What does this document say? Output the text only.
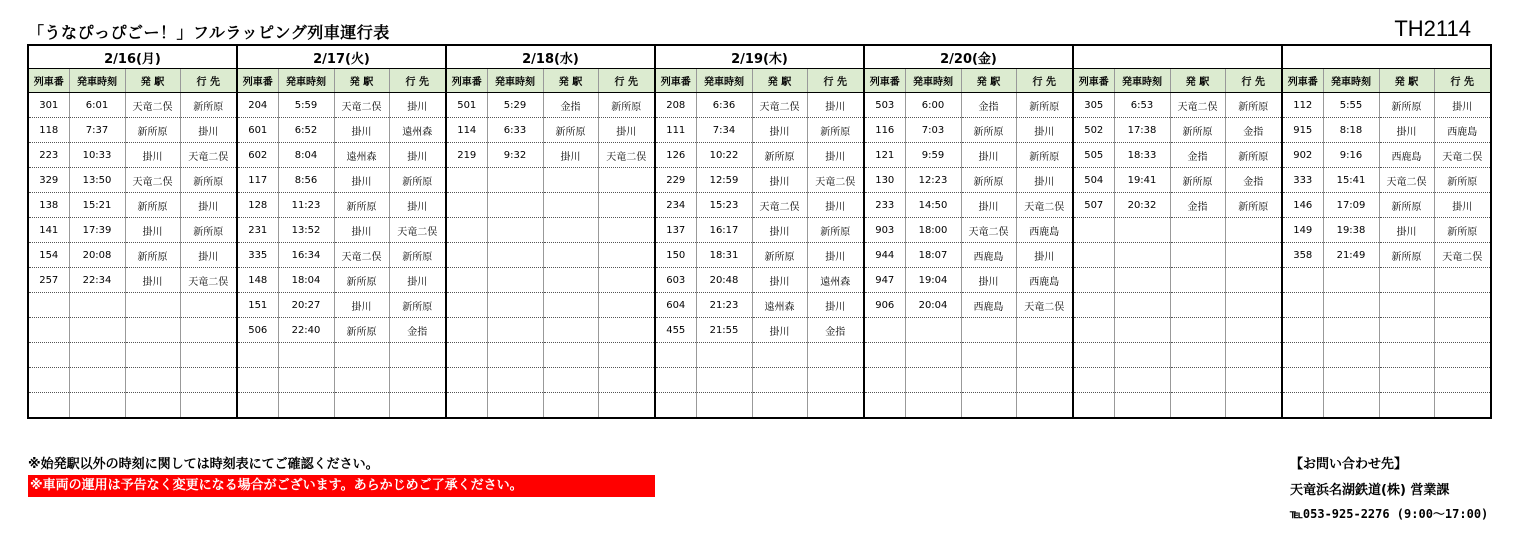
「うなぴっぴごー！」フルラッピング列車運行表	TH2114
2/16(月)				2/17(火)				2/18(水)				2/19(木)				2/20(金)				2/21(土)				2/22(日)			
列車番	発車時刻	発 駅	行 先	列車番	発車時刻	発 駅	行 先	列車番	発車時刻	発 駅	行 先	列車番	発車時刻	発 駅	行 先	列車番	発車時刻	発 駅	行 先	列車番	発車時刻	発 駅	行 先	列車番	発車時刻	発 駅	行 先
301	6:01	天竜二俣	新所原	204	5:59	天竜二俣	掛川	501	5:29	金指	新所原	208	6:36	天竜二俣	掛川	503	6:00	金指	新所原	305	6:53	天竜二俣	新所原	112	5:55	新所原	掛川
118	7:37	新所原	掛川	601	6:52	掛川	遠州森	114	6:33	新所原	掛川	111	7:34	掛川	新所原	116	7:03	新所原	掛川	502	17:38	新所原	金指	915	8:18	掛川	西鹿島
223	10:33	掛川	天竜二俣	602	8:04	遠州森	掛川	219	9:32	掛川	天竜二俣	126	10:22	新所原	掛川	121	9:59	掛川	新所原	505	18:33	金指	新所原	902	9:16	西鹿島	天竜二俣
329	13:50	天竜二俣	新所原	117	8:56	掛川	新所原					229	12:59	掛川	天竜二俣	130	12:23	新所原	掛川	504	19:41	新所原	金指	333	15:41	天竜二俣	新所原
138	15:21	新所原	掛川	128	11:23	新所原	掛川					234	15:23	天竜二俣	掛川	233	14:50	掛川	天竜二俣	507	20:32	金指	新所原	146	17:09	新所原	掛川
141	17:39	掛川	新所原	231	13:52	掛川	天竜二俣					137	16:17	掛川	新所原	903	18:00	天竜二俣	西鹿島					149	19:38	掛川	新所原
154	20:08	新所原	掛川	335	16:34	天竜二俣	新所原					150	18:31	新所原	掛川	944	18:07	西鹿島	掛川					358	21:49	新所原	天竜二俣
257	22:34	掛川	天竜二俣	148	18:04	新所原	掛川					603	20:48	掛川	遠州森	947	19:04	掛川	西鹿島								
				151	20:27	掛川	新所原					604	21:23	遠州森	掛川	906	20:04	西鹿島	天竜二俣								
				506	22:40	新所原	金指					455	21:55	掛川	金指												

※始発駅以外の時刻に関しては時刻表にてご確認ください。
※車両の運用は予告なく変更になる場合がございます。あらかじめご了承ください。
【お問い合わせ先】
天竜浜名湖鉄道(株) 営業課
℡053-925-2276 (9:00～17:00)
